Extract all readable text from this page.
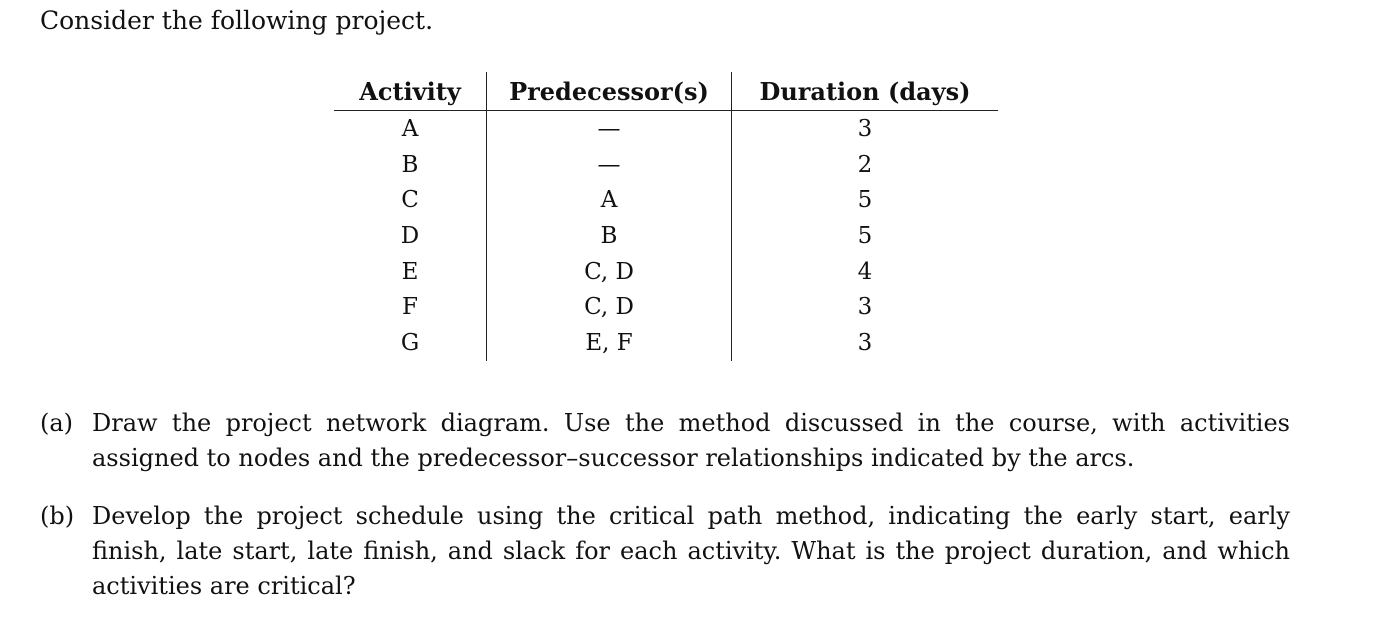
Consider the following project.

Activity	Predecessor(s)	Duration (days)
A	—	3
B	—	2
C	A	5
D	B	5
E	C, D	4
F	C, D	3
G	E, F	3
(a) Draw the project network diagram. Use the method discussed in the course, with activities assigned to nodes and the predecessor–successor relationships indicated by the arcs.
(b) Develop the project schedule using the critical path method, indicating the early start, early finish, late start, late finish, and slack for each activity. What is the project duration, and which activities are critical?
